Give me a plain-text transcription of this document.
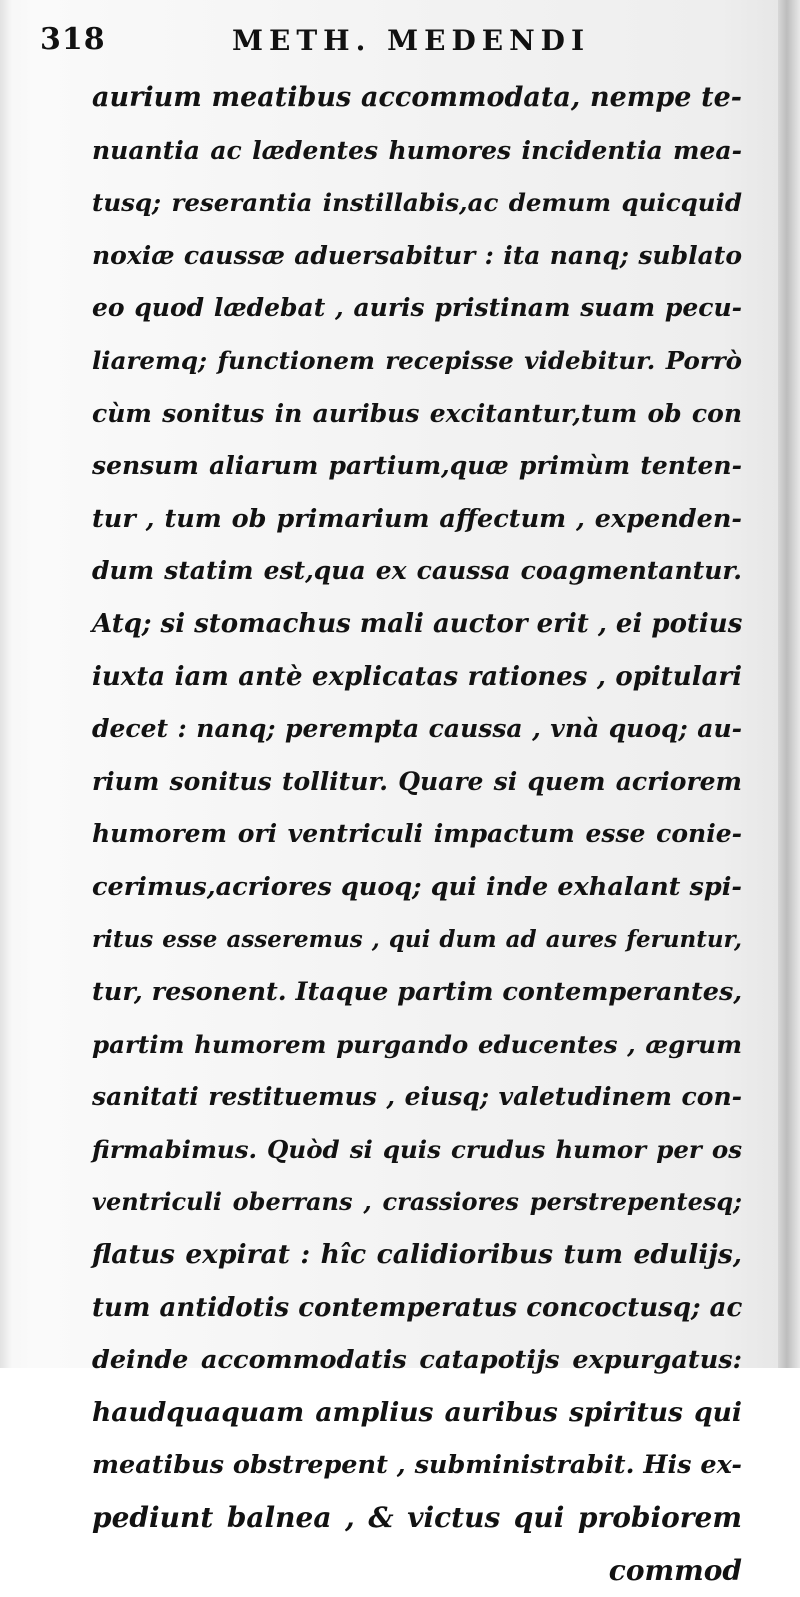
318	METH. MEDENDI
aurium meatibus accommodata, nempe te-
nuantia ac lædentes humores incidentia mea-
tusq; reserantia instillabis,ac demum quicquid
noxiæ caussæ aduersabitur : ita nanq; sublato
eo quod lædebat , auris pristinam suam pecu-
liaremq; functionem recepisse videbitur. Porrò
cùm sonitus in auribus excitantur,tum ob con
sensum aliarum partium,quæ primùm tenten-
tur , tum ob primarium affectum , expenden-
dum statim est,qua ex caussa coagmentantur.
Atq; si stomachus mali auctor erit , ei potius
iuxta iam antè explicatas rationes , opitulari
decet : nanq; perempta caussa , vnà quoq; au-
rium sonitus tollitur. Quare si quem acriorem
humorem ori ventriculi impactum esse conie-
cerimus,acriores quoq; qui inde exhalant spi-
ritus esse asseremus , qui dum ad aures feruntur,
tur, resonent. Itaque partim contemperantes,
partim humorem purgando educentes , ægrum
sanitati restituemus , eiusq; valetudinem con-
firmabimus. Quòd si quis crudus humor per os
ventriculi oberrans , crassiores perstrepentesq;
flatus expirat : hîc calidioribus tum edulijs,
tum antidotis contemperatus concoctusq; ac
deinde accommodatis catapotijs expurgatus:
haudquaquam amplius auribus spiritus qui
meatibus obstrepent , subministrabit. His ex-
pediunt balnea , & victus qui probiorem
commod
